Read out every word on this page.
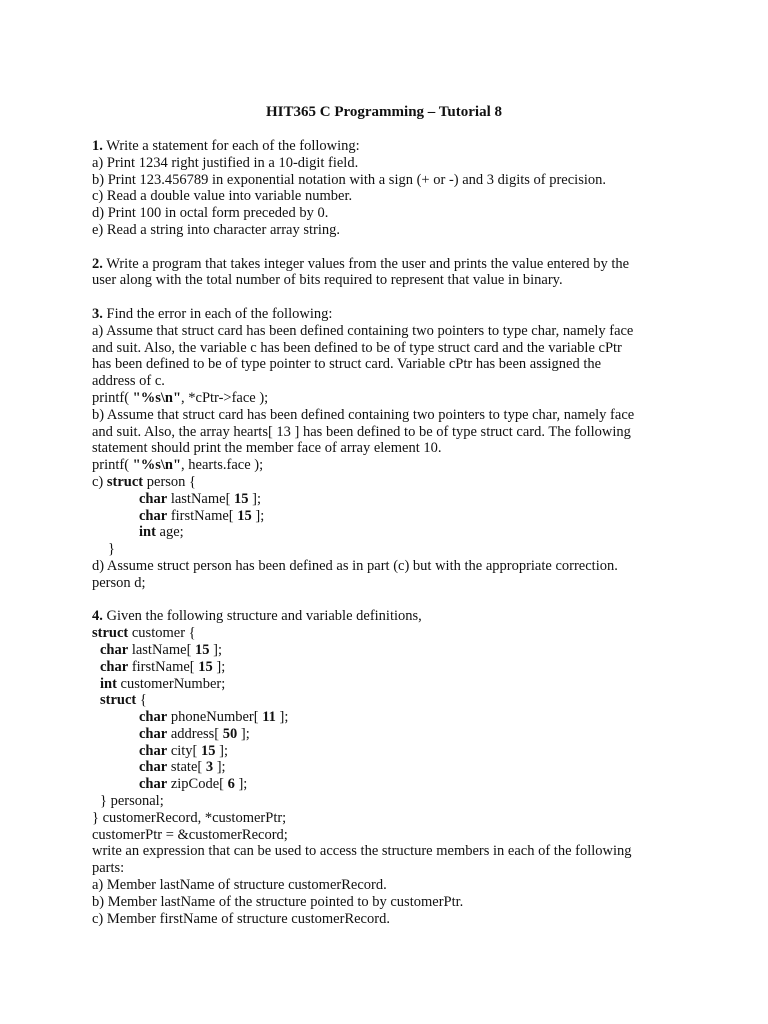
HIT365 C Programming – Tutorial 8
1. Write a statement for each of the following:
a) Print 1234 right justified in a 10-digit field.
b) Print 123.456789 in exponential notation with a sign (+ or -) and 3 digits of precision.
c) Read a double value into variable number.
d) Print 100 in octal form preceded by 0.
e) Read a string into character array string.
2. Write a program that takes integer values from the user and prints the value entered by the
user along with the total number of bits required to represent that value in binary.
3. Find the error in each of the following:
a) Assume that struct card has been defined containing two pointers to type char, namely face
and suit. Also, the variable c has been defined to be of type struct card and the variable cPtr
has been defined to be of type pointer to struct card. Variable cPtr has been assigned the
address of c.
printf( "%s\n", *cPtr->face );
b) Assume that struct card has been defined containing two pointers to type char, namely face
and suit. Also, the array hearts[ 13 ] has been defined to be of type struct card. The following
statement should print the member face of array element 10.
printf( "%s\n", hearts.face );
c) struct person {
char lastName[ 15 ];
char firstName[ 15 ];
int age;
}
d) Assume struct person has been defined as in part (c) but with the appropriate correction.
person d;
4. Given the following structure and variable definitions,
struct customer {
char lastName[ 15 ];
char firstName[ 15 ];
int customerNumber;
struct {
char phoneNumber[ 11 ];
char address[ 50 ];
char city[ 15 ];
char state[ 3 ];
char zipCode[ 6 ];
} personal;
} customerRecord, *customerPtr;
customerPtr = &customerRecord;
write an expression that can be used to access the structure members in each of the following
parts:
a) Member lastName of structure customerRecord.
b) Member lastName of the structure pointed to by customerPtr.
c) Member firstName of structure customerRecord.
